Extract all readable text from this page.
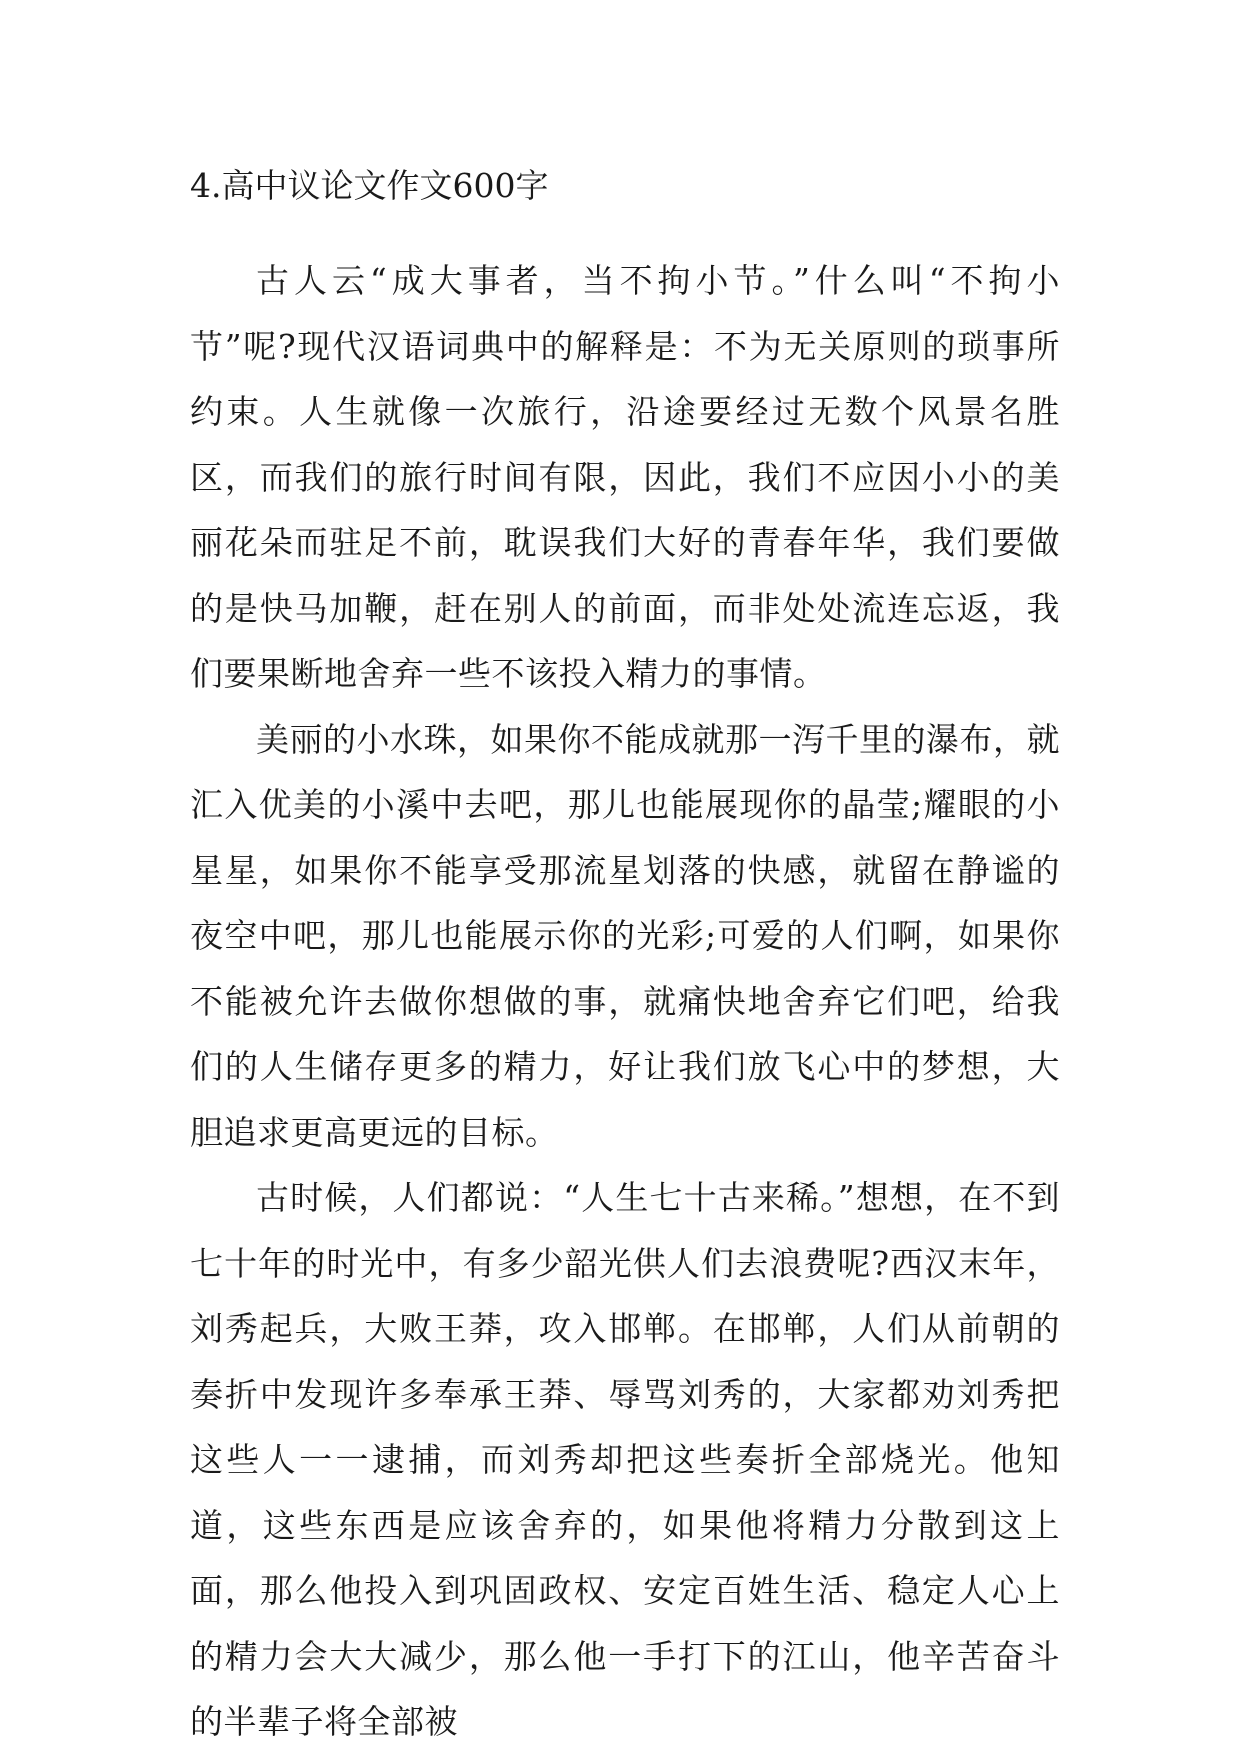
4.高中议论文作文600字

古人云“成大事者，当不拘小节。”什么叫“不拘小节”呢?现代汉语词典中的解释是：不为无关原则的琐事所约束。人生就像一次旅行，沿途要经过无数个风景名胜区，而我们的旅行时间有限，因此，我们不应因小小的美丽花朵而驻足不前，耽误我们大好的青春年华，我们要做的是快马加鞭，赶在别人的前面，而非处处流连忘返，我们要果断地舍弃一些不该投入精力的事情。

美丽的小水珠，如果你不能成就那一泻千里的瀑布，就汇入优美的小溪中去吧，那儿也能展现你的晶莹;耀眼的小星星，如果你不能享受那流星划落的快感，就留在静谧的夜空中吧，那儿也能展示你的光彩;可爱的人们啊，如果你不能被允许去做你想做的事，就痛快地舍弃它们吧，给我们的人生储存更多的精力，好让我们放飞心中的梦想，大胆追求更高更远的目标。

古时候，人们都说：“人生七十古来稀。”想想，在不到七十年的时光中，有多少韶光供人们去浪费呢?西汉末年，刘秀起兵，大败王莽，攻入邯郸。在邯郸，人们从前朝的奏折中发现许多奉承王莽、辱骂刘秀的，大家都劝刘秀把这些人一一逮捕，而刘秀却把这些奏折全部烧光。他知道，这些东西是应该舍弃的，如果他将精力分散到这上面，那么他投入到巩固政权、安定百姓生活、稳定人心上的精力会大大减少，那么他一手打下的江山，他辛苦奋斗的半辈子将全部被
